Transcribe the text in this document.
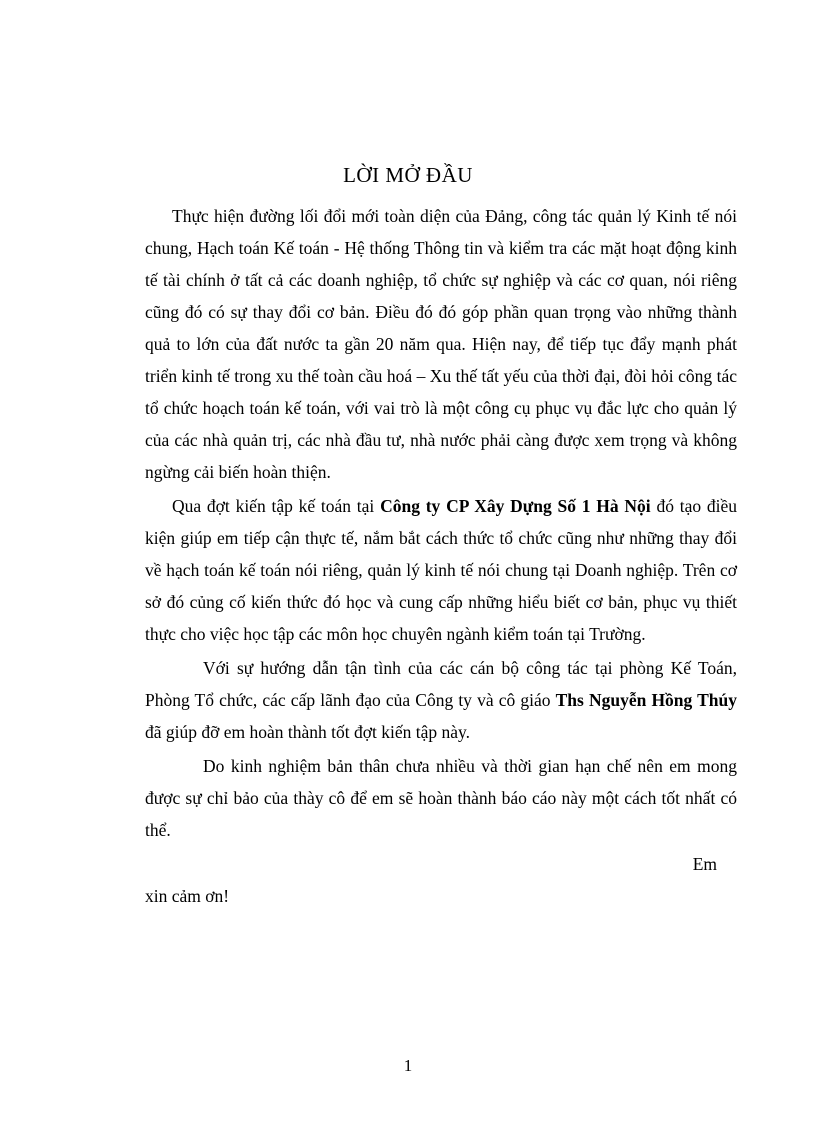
LỜI MỞ ĐẦU

Thực hiện đường lối đổi mới toàn diện của Đảng, công tác quản lý Kinh tế nói chung, Hạch toán Kế toán - Hệ thống Thông tin và kiểm tra các mặt hoạt động kinh tế tài chính ở tất cả các doanh nghiệp, tổ chức sự nghiệp và các cơ quan, nói riêng cũng đó có sự thay đổi cơ bản. Điều đó đó góp phần quan trọng vào những thành quả to lớn của đất nước ta gần 20 năm qua. Hiện nay, để tiếp tục đẩy mạnh phát triển kinh tế trong xu thế toàn cầu hoá – Xu thế tất yếu của thời đại, đòi hỏi công tác tổ chức hoạch toán kế toán, với vai trò là một công cụ phục vụ đắc lực cho quản lý của các nhà quản trị, các nhà đầu tư, nhà nước phải càng được xem trọng và không ngừng cải biến hoàn thiện.

Qua đợt kiến tập kế toán tại Công ty CP Xây Dựng Số 1 Hà Nội đó tạo điều kiện giúp em tiếp cận thực tế, nắm bắt cách thức tổ chức cũng như những thay đổi về hạch toán kế toán nói riêng, quản lý kinh tế nói chung tại Doanh nghiệp. Trên cơ sở đó củng cố kiến thức đó học và cung cấp những hiểu biết cơ bản, phục vụ thiết thực cho việc học tập các môn học chuyên ngành kiểm toán tại Trường.

Với sự hướng dẫn tận tình của các cán bộ công tác tại phòng Kế Toán, Phòng Tổ chức, các cấp lãnh đạo của Công ty và cô giáo Ths Nguyễn Hồng Thúy đã giúp đỡ em hoàn thành tốt đợt kiến tập này.

Do kinh nghiệm bản thân chưa nhiều và thời gian hạn chế nên em mong được sự chỉ bảo của thày cô để em sẽ hoàn thành báo cáo này một cách tốt nhất có thể.

Em

xin cảm ơn!

1
